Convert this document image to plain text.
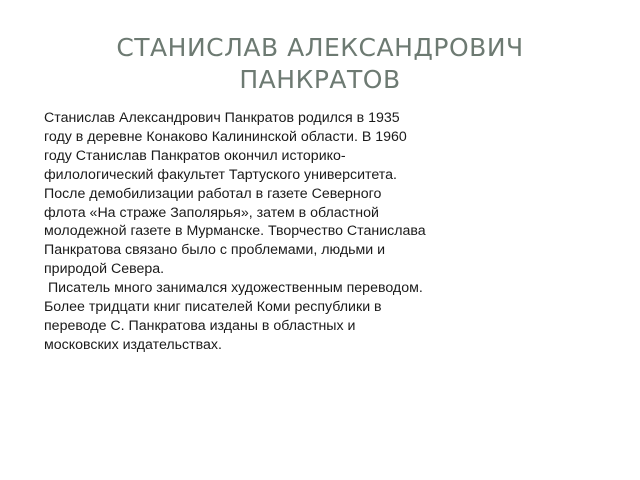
СТАНИСЛАВ АЛЕКСАНДРОВИЧ
ПАНКРАТОВ
Станислав Александрович Панкратов родился в 1935
году в деревне Конаково Калининской области. В 1960
году Станислав Панкратов окончил историко-
филологический факультет Тартуского университета.
После демобилизации работал в газете Северного
флота «На страже Заполярья», затем в областной
молодежной газете в Мурманске. Творчество Станислава
Панкратова связано было с проблемами, людьми и
природой Севера.
Писатель много занимался художественным переводом.
Более тридцати книг писателей Коми республики в
переводе С. Панкратова изданы в областных и
московских издательствах.
